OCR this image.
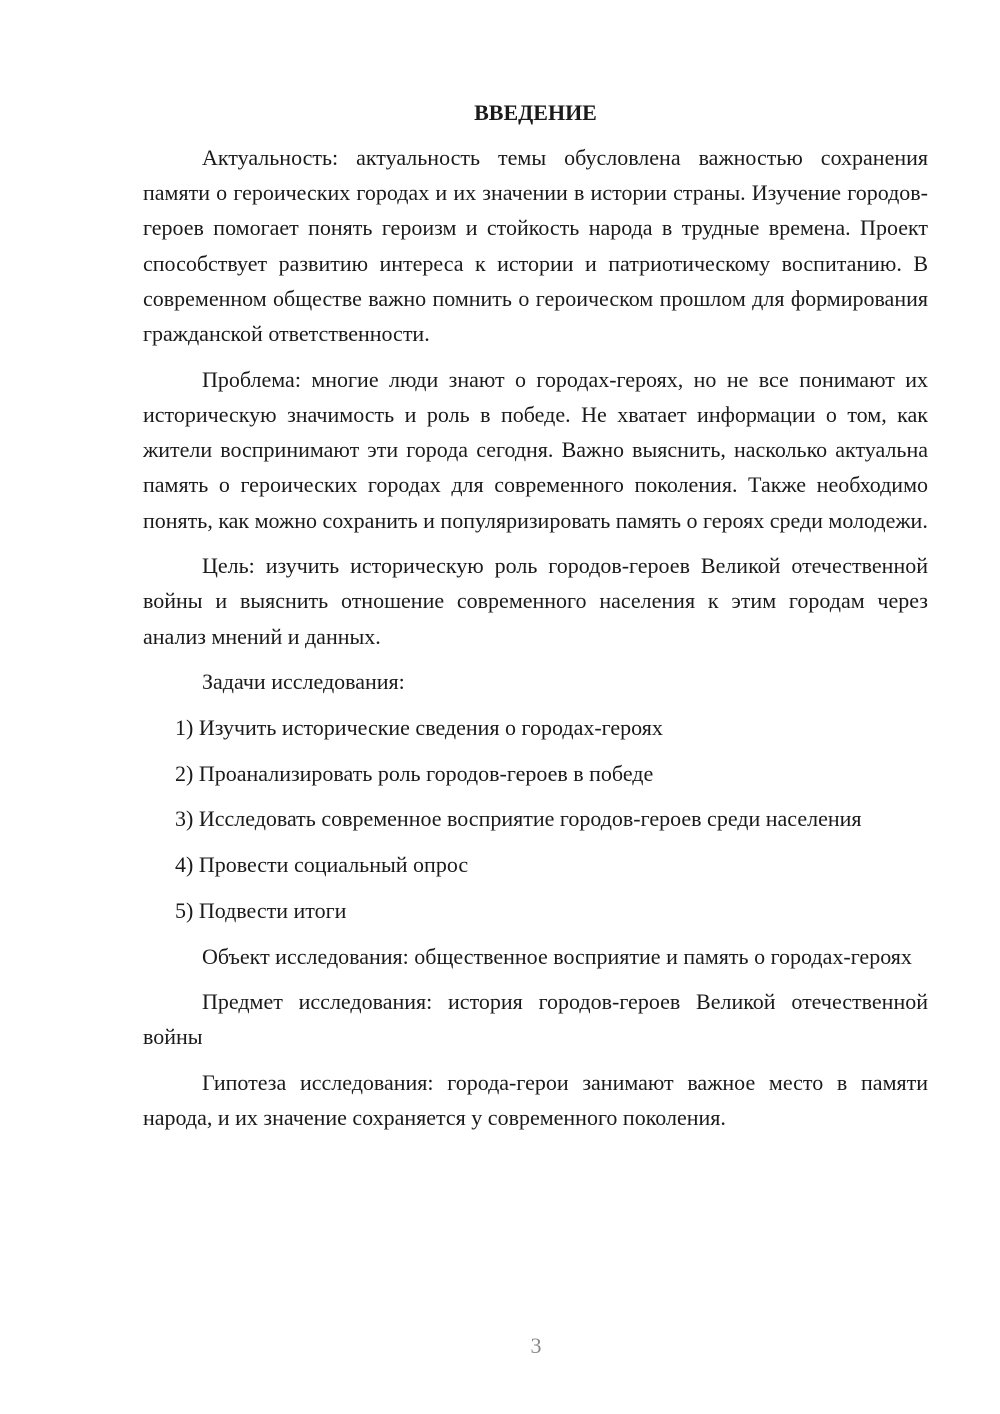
ВВЕДЕНИЕ

Актуальность: актуальность темы обусловлена важностью сохранения памяти о героических городах и их значении в истории страны. Изучение городов-героев помогает понять героизм и стойкость народа в трудные времена. Проект способствует развитию интереса к истории и патриотическому воспитанию. В современном обществе важно помнить о героическом прошлом для формирования гражданской ответственности.

Проблема: многие люди знают о городах-героях, но не все понимают их историческую значимость и роль в победе. Не хватает информации о том, как жители воспринимают эти города сегодня. Важно выяснить, насколько актуальна память о героических городах для современного поколения. Также необходимо понять, как можно сохранить и популяризировать память о героях среди молодежи.

Цель: изучить историческую роль городов-героев Великой отечественной войны и выяснить отношение современного населения к этим городам через анализ мнений и данных.

Задачи исследования:

1) Изучить исторические сведения о городах-героях

2) Проанализировать роль городов-героев в победе

3) Исследовать современное восприятие городов-героев среди населения

4) Провести социальный опрос

5) Подвести итоги

Объект исследования: общественное восприятие и память о городах-героях

Предмет исследования: история городов-героев Великой отечественной войны

Гипотеза исследования: города-герои занимают важное место в памяти народа, и их значение сохраняется у современного поколения.

3
